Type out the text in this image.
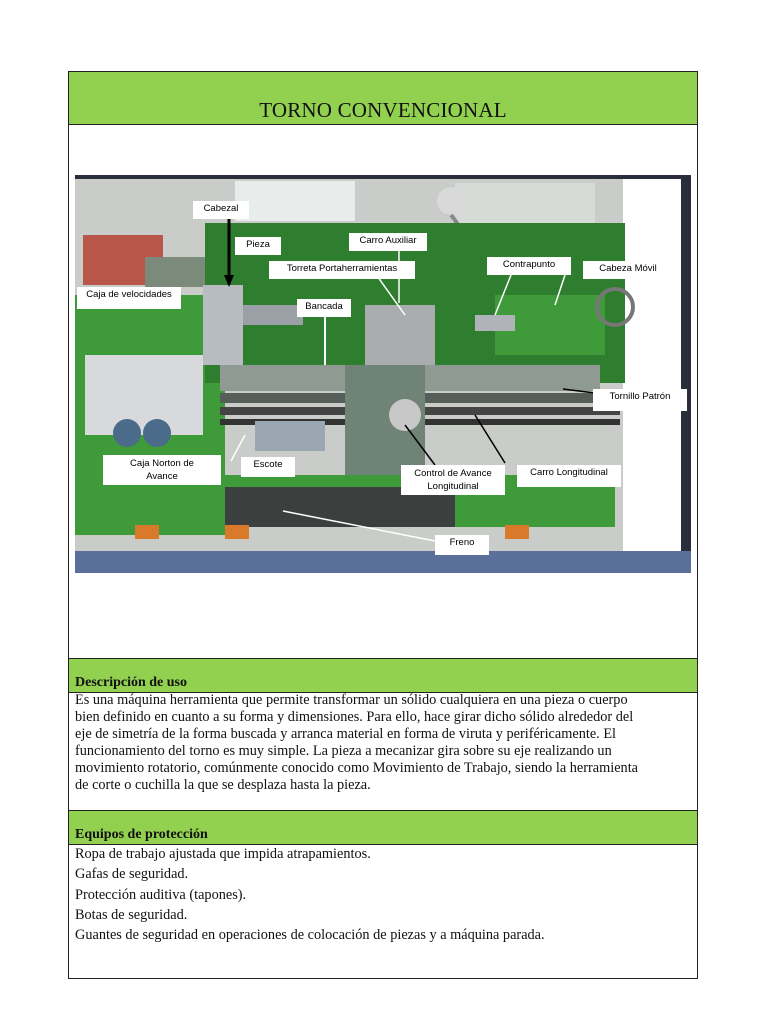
TORNO CONVENCIONAL
Cabezal
Pieza	Carro Auxiliar
Torreta Portaherramientas	Contrapunto	Cabeza Móvil
Caja de velocidades
Bancada
Tornillo Patrón
Caja Norton de Avance
Escote
Control de Avance Longitudinal
Carro Longitudinal
Freno
Descripción de uso
Es una máquina herramienta que permite transformar un sólido cualquiera en una pieza o cuerpo
bien definido en cuanto a su forma y dimensiones. Para ello, hace girar dicho sólido alrededor del
eje de simetría de la forma buscada y arranca material en forma de viruta y periféricamente. El
funcionamiento del torno es muy simple. La pieza a mecanizar gira sobre su eje realizando un
movimiento rotatorio, comúnmente conocido como Movimiento de Trabajo, siendo la herramienta
de corte o cuchilla la que se desplaza hasta la pieza.
Equipos de protección
Ropa de trabajo ajustada que impida atrapamientos.
Gafas de seguridad.
Protección auditiva (tapones).
Botas de seguridad.
Guantes de seguridad en operaciones de colocación de piezas y a máquina parada.
